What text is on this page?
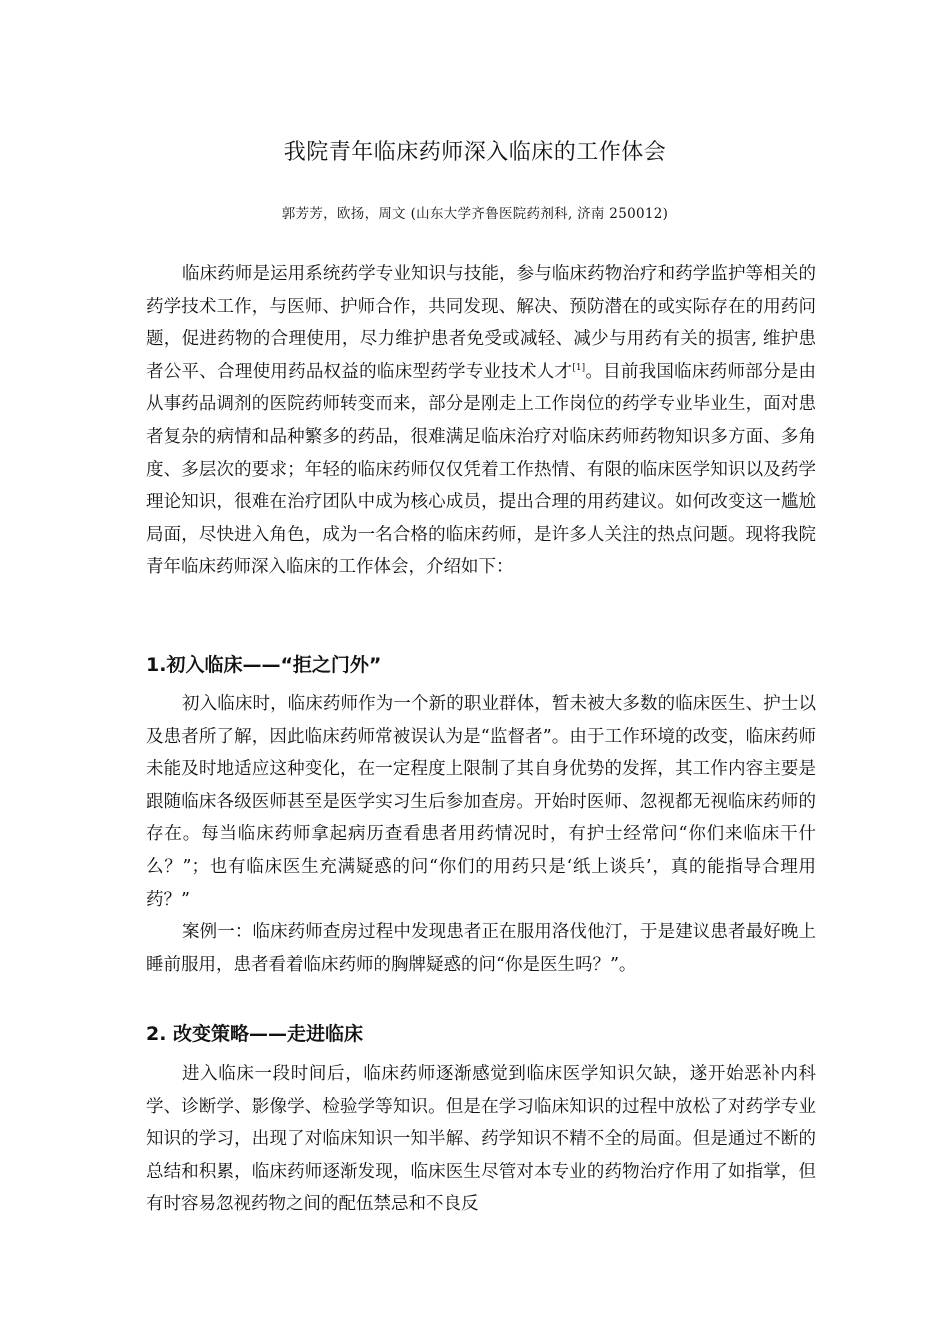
我院青年临床药师深入临床的工作体会
郭芳芳，欧扬，周文 (山东大学齐鲁医院药剂科, 济南 250012)

临床药师是运用系统药学专业知识与技能，参与临床药物治疗和药学监护等相关的药学技术工作，与医师、护师合作，共同发现、解决、预防潜在的或实际存在的用药问题，促进药物的合理使用，尽力维护患者免受或减轻、减少与用药有关的损害, 维护患者公平、合理使用药品权益的临床型药学专业技术人才[1]。目前我国临床药师部分是由从事药品调剂的医院药师转变而来，部分是刚走上工作岗位的药学专业毕业生，面对患者复杂的病情和品种繁多的药品，很难满足临床治疗对临床药师药物知识多方面、多角度、多层次的要求；年轻的临床药师仅仅凭着工作热情、有限的临床医学知识以及药学理论知识，很难在治疗团队中成为核心成员，提出合理的用药建议。如何改变这一尴尬局面，尽快进入角色，成为一名合格的临床药师，是许多人关注的热点问题。现将我院青年临床药师深入临床的工作体会，介绍如下：

1.初入临床——“拒之门外”

初入临床时，临床药师作为一个新的职业群体，暂未被大多数的临床医生、护士以及患者所了解，因此临床药师常被误认为是“监督者”。由于工作环境的改变，临床药师未能及时地适应这种变化，在一定程度上限制了其自身优势的发挥，其工作内容主要是跟随临床各级医师甚至是医学实习生后参加查房。开始时医师、忽视都无视临床药师的存在。每当临床药师拿起病历查看患者用药情况时，有护士经常问“你们来临床干什么？”；也有临床医生充满疑惑的问“你们的用药只是‘纸上谈兵’，真的能指导合理用药？”

案例一：临床药师查房过程中发现患者正在服用洛伐他汀，于是建议患者最好晚上睡前服用，患者看着临床药师的胸牌疑惑的问“你是医生吗？”。

2. 改变策略——走进临床

进入临床一段时间后，临床药师逐渐感觉到临床医学知识欠缺，遂开始恶补内科学、诊断学、影像学、检验学等知识。但是在学习临床知识的过程中放松了对药学专业知识的学习，出现了对临床知识一知半解、药学知识不精不全的局面。但是通过不断的总结和积累，临床药师逐渐发现，临床医生尽管对本专业的药物治疗作用了如指掌，但有时容易忽视药物之间的配伍禁忌和不良反
